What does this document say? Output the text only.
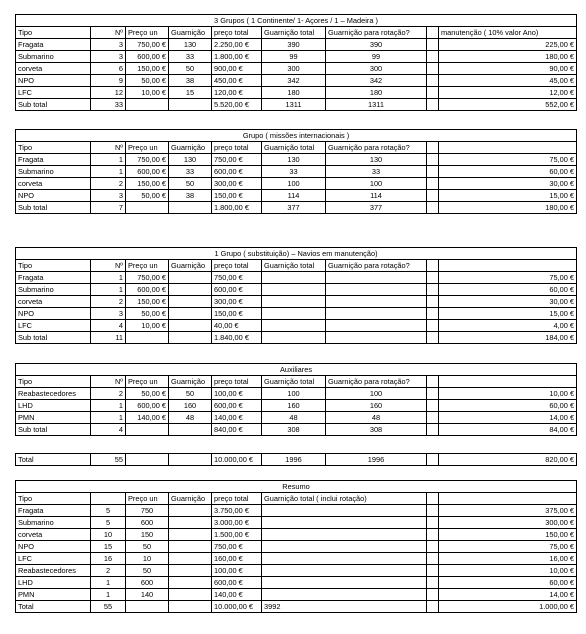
3 Grupos ( 1 Continente/ 1- Açores / 1 – Madeira )								
Tipo	Nº	Preço un	Guarnição	preço total	Guarnição total	Guarnição para rotação?		manutenção ( 10% valor Ano)
Fragata	3	750,00 €	130	2.250,00 €	390	390		225,00 €
Submarino	3	600,00 €	33	1.800,00 €	99	99		180,00 €
corveta	6	150,00 €	50	900,00 €	300	300		90,00 €
NPO	9	50,00 €	38	450,00 €	342	342		45,00 €
LFC	12	10,00 €	15	120,00 €	180	180		12,00 €
Sub total	33			5.520,00 €	1311	1311		552,00 €
Grupo ( missões internacionais )								
Tipo	Nº	Preço un	Guarnição	preço total	Guarnição total	Guarnição para rotação?		
Fragata	1	750,00 €	130	750,00 €	130	130		75,00 €
Submarino	1	600,00 €	33	600,00 €	33	33		60,00 €
corveta	2	150,00 €	50	300,00 €	100	100		30,00 €
NPO	3	50,00 €	38	150,00 €	114	114		15,00 €
Sub total	7			1.800,00 €	377	377		180,00 €
1 Grupo ( substituição) – Navios em manutenção)								
Tipo	Nº	Preço un	Guarnição	preço total	Guarnição total	Guarnição para rotação?		
Fragata	1	750,00 €		750,00 €				75,00 €
Submarino	1	600,00 €		600,00 €				60,00 €
corveta	2	150,00 €		300,00 €				30,00 €
NPO	3	50,00 €		150,00 €				15,00 €
LFC	4	10,00 €		40,00 €				4,00 €
Sub total	11			1.840,00 €				184,00 €
Auxiliares								
Tipo	Nº	Preço un	Guarnição	preço total	Guarnição total	Guarnição para rotação?		
Reabastecedores	2	50,00 €	50	100,00 €	100	100		10,00 €
LHD	1	600,00 €	160	600,00 €	160	160		60,00 €
PMN	1	140,00 €	48	140,00 €	48	48		14,00 €
Sub total	4			840,00 €	308	308		84,00 €
Total	55			10.000,00 €	1996	1996		820,00 €
Resumo							
Tipo		Preço un	Guarnição	preço total	Guarnição total ( inclui rotação)		
Fragata	5	750		3.750,00 €			375,00 €
Submarino	5	600		3.000,00 €			300,00 €
corveta	10	150		1.500,00 €			150,00 €
NPO	15	50		750,00 €			75,00 €
LFC	16	10		160,00 €			16,00 €
Reabastecedores	2	50		100,00 €			10,00 €
LHD	1	600		600,00 €			60,00 €
PMN	1	140		140,00 €			14,00 €
Total	55			10.000,00 €	3992		1.000,00 €
